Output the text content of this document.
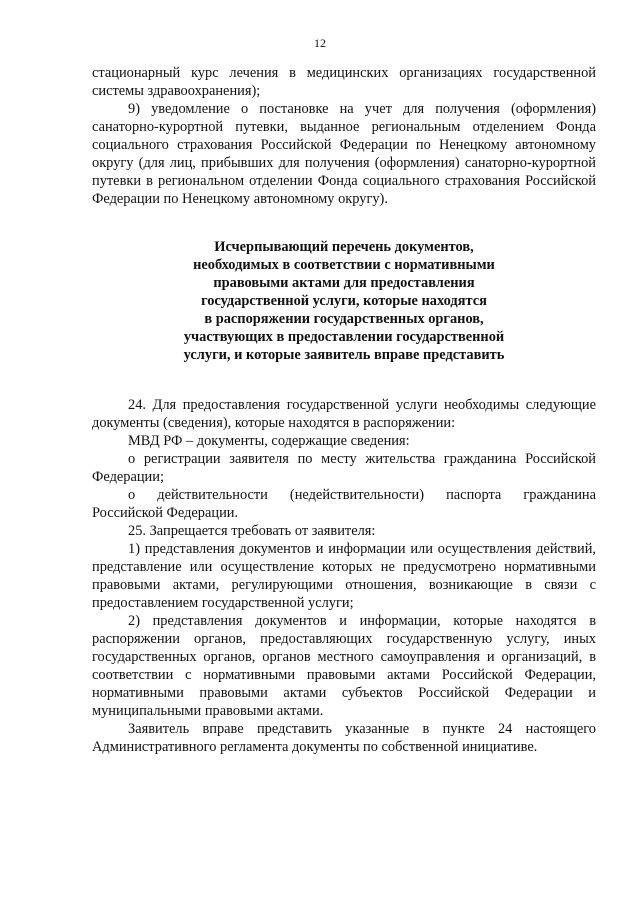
12

стационарный курс лечения в медицинских организациях государственной системы здравоохранения);

9) уведомление о постановке на учет для получения (оформления) санаторно-курортной путевки, выданное региональным отделением Фонда социального страхования Российской Федерации по Ненецкому автономному округу (для лиц, прибывших для получения (оформления) санаторно-курортной путевки в региональном отделении Фонда социального страхования Российской Федерации по Ненецкому автономному округу).

Исчерпывающий перечень документов,
необходимых в соответствии с нормативными
правовыми актами для предоставления
государственной услуги, которые находятся
в распоряжении государственных органов,
участвующих в предоставлении государственной
услуги, и которые заявитель вправе представить

24. Для предоставления государственной услуги необходимы следующие документы (сведения), которые находятся в распоряжении:

МВД РФ – документы, содержащие сведения:

о регистрации заявителя по месту жительства гражданина Российской Федерации;

о действительности (недействительности) паспорта гражданина Российской Федерации.

25. Запрещается требовать от заявителя:

1) представления документов и информации или осуществления действий, представление или осуществление которых не предусмотрено нормативными правовыми актами, регулирующими отношения, возникающие в связи с предоставлением государственной услуги;

2) представления документов и информации, которые находятся в распоряжении органов, предоставляющих государственную услугу, иных государственных органов, органов местного самоуправления и организаций, в соответствии с нормативными правовыми актами Российской Федерации, нормативными правовыми актами субъектов Российской Федерации и муниципальными правовыми актами.

Заявитель вправе представить указанные в пункте 24 настоящего Административного регламента документы по собственной инициативе.
